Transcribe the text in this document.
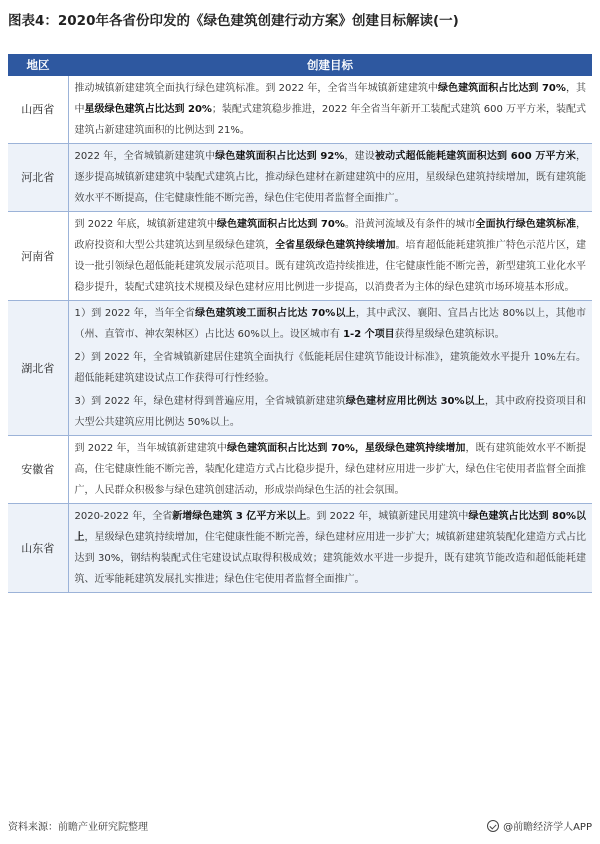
图表4：2020年各省份印发的《绿色建筑创建行动方案》创建目标解读(一)
地区	创建目标
山西省	推动城镇新建建筑全面执行绿色建筑标准。到 2022 年，全省当年城镇新建建筑中绿色建筑面积占比达到 70%，其中星级绿色建筑占比达到 20%；装配式建筑稳步推进，2022 年全省当年新开工装配式建筑 600 万平方米，装配式建筑占新建建筑面积的比例达到 21%。

河北省	2022 年，全省城镇新建建筑中绿色建筑面积占比达到 92%，建设被动式超低能耗建筑面积达到 600 万平方米，逐步提高城镇新建建筑中装配式建筑占比，推动绿色建材在新建建筑中的应用，星级绿色建筑持续增加，既有建筑能效水平不断提高，住宅健康性能不断完善，绿色住宅使用者监督全面推广。

河南省	到 2022 年底，城镇新建建筑中绿色建筑面积占比达到 70%。沿黄河流域及有条件的城市全面执行绿色建筑标准，政府投资和大型公共建筑达到星级绿色建筑，全省星级绿色建筑持续增加。培育超低能耗建筑推广特色示范片区，建设一批引领绿色超低能耗建筑发展示范项目。既有建筑改造持续推进，住宅健康性能不断完善，新型建筑工业化水平稳步提升，装配式建筑技术规模及绿色建材应用比例进一步提高，以消费者为主体的绿色建筑市场环境基本形成。

湖北省	1）到 2022 年，当年全省绿色建筑竣工面积占比达 70%以上，其中武汉、襄阳、宜昌占比达 80%以上，其他市（州、直管市、神农架林区）占比达 60%以上。设区城市有 1-2 个项目获得星级绿色建筑标识。

2）到 2022 年，全省城镇新建居住建筑全面执行《低能耗居住建筑节能设计标准》，建筑能效水平提升 10%左右。超低能耗建筑建设试点工作获得可行性经验。

3）到 2022 年，绿色建材得到普遍应用，全省城镇新建建筑绿色建材应用比例达 30%以上，其中政府投资项目和大型公共建筑应用比例达 50%以上。

安徽省	到 2022 年，当年城镇新建建筑中绿色建筑面积占比达到 70%，星级绿色建筑持续增加，既有建筑能效水平不断提高，住宅健康性能不断完善，装配化建造方式占比稳步提升，绿色建材应用进一步扩大，绿色住宅使用者监督全面推广，人民群众积极参与绿色建筑创建活动，形成崇尚绿色生活的社会氛围。

山东省	2020-2022 年，全省新增绿色建筑 3 亿平方米以上。到 2022 年，城镇新建民用建筑中绿色建筑占比达到 80%以上，星级绿色建筑持续增加，住宅健康性能不断完善，绿色建材应用进一步扩大；城镇新建建筑装配化建造方式占比达到 30%，钢结构装配式住宅建设试点取得积极成效；建筑能效水平进一步提升，既有建筑节能改造和超低能耗建筑、近零能耗建筑发展扎实推进；绿色住宅使用者监督全面推广。

资料来源：前瞻产业研究院整理	@前瞻经济学人APP
